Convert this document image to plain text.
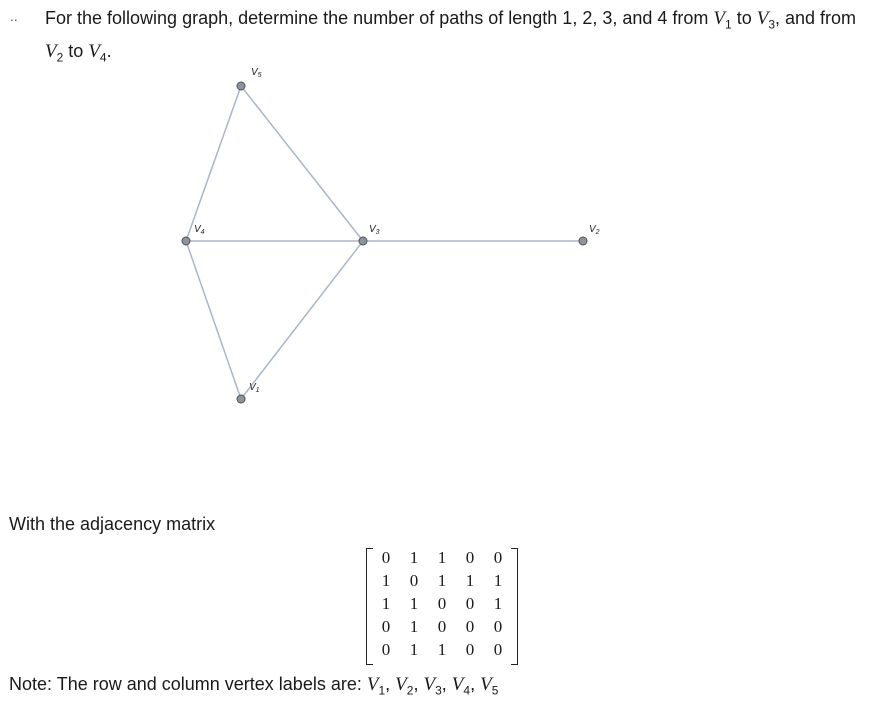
.. For the following graph, determine the number of paths of length 1, 2, 3, and 4 from $V_1$ to $V_3$, and from $V_2$ to $V_4$.
$V_5$
$V_4$	$V_3$	$V_2$
$V_1$
With the adjacency matrix
0	1	1	0	0
1	0	1	1	1
1	1	0	0	1
0	1	0	0	0
0	1	1	0	0
Note: The row and column vertex labels are: $V_1$, $V_2$, $V_3$, $V_4$, $V_5$
